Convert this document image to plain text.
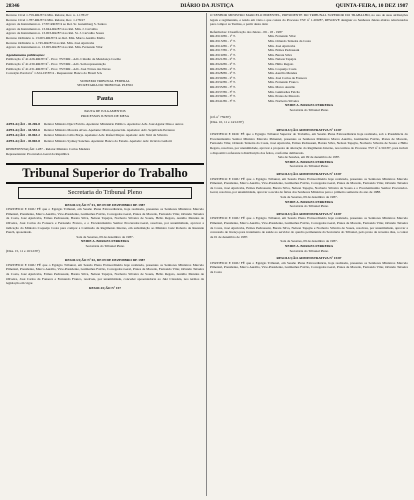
28346	DIÁRIO DA JUSTIÇA	QUINTA-FEIRA, 10 DEZ 1987
Recurso Cível 1.759-RR/87/4 Min. Relator, Rec. n. 1.178/27
Recurso Cível 1.787-RR/87/4 Min. Relator, Rec. 1.178/27
Agravo de Instrumento n. 17/87-RR/87/4 ao Rel. Sr. Gutemberg S. Santos
Agravo de Instrumento n. 13.944-RR/87/4 ao Rel. Min. J. Carvalho
Agravo de Instrumento n. 13.003-RR/87/4 ao Rel. Sr. J. Carvalho Souza
Recurso Ordinário n. 13.003-RR/87/4 ao Rel. Min. Marco Aurélio Mello
Recurso Ordinário n. 1.745-RR/87/4 ao Rel. Min. José Ajuricaba
Agravo de Instrumento n. 13.005-RR/87/4 ao Rel. Min. Fernando Vilar
Agendamento publicações:
Publicação nº 41.226-RR/87/4º - Proc. TST/RR - Adv. Cláudio de Mendonça Coelho
Publicação nº 41.230-RR/87/4º - Proc. TST/RR - Adv. Sem representação
Publicação nº 41.231-RR/87/4º - Proc. TST/RR - Adv. José Tôrres das Neves
Correição Parcial nº 1.324-CP/87/4 - Requerente: Banco do Brasil S/A
SUPREMO TRIBUNAL FEDERAL
SECRETARIA DO TRIBUNAL PLENO
Pauta
PAUTA DE JULGAMENTOS
PROCESSOS JUNTOS DE MESA
APELAÇÃO - 45.206-8	Relator Ministro Djaci Falcão. Apelante: Ministério Público. Apelados: Adv. José Aguiar Dias e outros
APELAÇÃO - 44.583-6	Relator Ministro Moreira Alves. Apelante: Maria Aparecida. Apelados: Adv. Sepúlveda Pertence
APELAÇÃO - 45.863-2	Relator Ministro Célio Borja. Apelante: Adv. Rafael Mayer. Apelado: Adv. Néri da Silveira
APELAÇÃO - 45.865-8	Relator Ministro Sydney Sanches. Apelante: Banco do Estado. Apelado: Adv. Octavio Gallotti
REPRESENTAÇÃO 1.287 - Relator Ministro Carlos Madeira
Representante: Procurador-Geral da República
Tribunal Superior do Trabalho
Secretaria do Tribunal Pleno
RESOLUÇÃO Nº 01, DE 09 DE DEZEMBRO DE 1987

CERTIFICO E DOU FÉ que o Egrégio Tribunal, em Sessão Plena Extraordinária, hoje realizada, presentes os Senhores Ministros Marcelo Pimentel, Presidente, Marco Aurélio, Vice-Presidente, Guimarães Falcão, Corregedor-Geral, Prates de Macedo, Fernando Vilar, Orlando Teixeira da Costa, José Ajuricaba, Ermes Pedrassani, Barata Silva, Nelson Tapajós, Norberto Silveira de Souza, Hélio Regato, Aurélio Mendes de Oliveira, José Carlos da Fonseca e Fernando Franco, e o Excelentíssimo Senhor Procurador-Geral, resolveu, por unanimidade, aprovar a indicação do Ministro Coqueijo Costa para compor a Comissão de Regimento Interno, em substituição ao Ministro Luiz Roberto de Rezende Puech, aposentado.

Sala de Sessões, 09 de dezembro de 1987.
NEIDE A. BORGES FERREIRA
Secretária do Tribunal Pleno
(Diss. 15, 11 e 10/12/87)
RESOLUÇÃO Nº 02, DE 09 DE DEZEMBRO DE 1987

CERTIFICO E DOU FÉ que o Egrégio Tribunal, em Sessão Plena Extraordinária hoje realizada, presentes os Senhores Ministros Marcelo Pimentel, Presidente, Marco Aurélio, Vice-Presidente, Guimarães Falcão, Corregedor-Geral, Prates de Macedo, Fernando Vilar, Orlando Teixeira da Costa, José Ajuricaba, Ermes Pedrassani, Barata Silva, Nelson Tapajós, Norberto Silveira de Souza, Hélio Regato, Aurélio Mendes de Oliveira, José Carlos da Fonseca e Fernando Franco, resolveu, por unanimidade, conceder aposentadoria ao Juiz Classista, nos termos da legislação em vigor.

RESOLUÇÃO Nº 157

O SENHOR MINISTRO MARCELO PIMENTEL, PRESIDENTE DO TRIBUNAL SUPERIOR DO TRABALHO, no uso de suas atribuições legais e regimentais, e tendo em vista o que consta do Processo TST nº 1.200/87, RESOLVE designar os Senhores Juízes abaixo relacionados para compor as Turmas, a partir desta data:

Referências: Classificação dos Juízes - 06 - 18 - 1987
RR-6510/86 - 1ª T.	Min. Fernando Vilar
RR-6513/86 - 1ª T.	Min. Orlando Teixeira da Costa
RR-6514/86 - 1ª T.	Min. José Ajuricaba
RR-6517/86 - 1ª T.	Min. Ermes Pedrassani
RR-6519/86 - 1ª T.	Min. Barata Silva
RR-6521/86 - 2ª T.	Min. Nelson Tapajós
RR-6524/86 - 2ª T.	Min. Hélio Regato
RR-6526/86 - 2ª T.	Min. Coqueijo Costa
RR-6528/86 - 2ª T.	Min. Aurélio Mendes
RR-6530/86 - 2ª T.	Min. José Carlos da Fonseca
RR-6532/86 - 3ª T.	Min. Fernando Franco
RR-6535/86 - 3ª T.	Min. Marco Aurélio
RR-6537/86 - 3ª T.	Min. Guimarães Falcão
RR-6539/86 - 3ª T.	Min. Prates de Macedo
RR-6541/86 - 3ª T.	Min. Norberto Silveira
NEIDE A. BORGES FERREIRA
Secretária do Tribunal Pleno
(Of. nº 759/87)
(Diss. 10, 11 e 14/12/87)
RESOLUÇÃO ADMINISTRATIVA Nº 12/87

CERTIFICO E DOU FÉ que o Egrégio Tribunal Superior do Trabalho, em Sessão Plena Extraordinária hoje realizada, sob a Presidência do Excelentíssimo Senhor Ministro Marcelo Pimentel, presentes os Senhores Ministros Marco Aurélio, Guimarães Falcão, Prates de Macedo, Fernando Vilar, Orlando Teixeira da Costa, José Ajuricaba, Ermes Pedrassani, Barata Silva, Nelson Tapajós, Norberto Silveira de Souza e Hélio Regato, resolveu, por unanimidade, aprovar a proposta de alteração do Regimento Interno, nos termos do Processo TST nº 2.310/87, para incluir o dispositivo referente à distribuição dos feitos, conforme deliberado.

Sala de Sessões, em 09 de dezembro de 1987.
NEIDE A. BORGES FERREIRA
Secretária do Tribunal Pleno
RESOLUÇÃO ADMINISTRATIVA Nº 13/87

CERTIFICO E DOU FÉ que o Egrégio Tribunal, em Sessão Plena Extraordinária hoje realizada, presentes os Senhores Ministros Marcelo Pimentel, Presidente, Marco Aurélio, Vice-Presidente, Guimarães Falcão, Corregedor-Geral, Prates de Macedo, Fernando Vilar, Orlando Teixeira da Costa, José Ajuricaba, Ermes Pedrassani, Barata Silva, Nelson Tapajós, Norberto Silveira de Souza e o Excelentíssimo Senhor Procurador-Geral, resolveu, por unanimidade, aprovar a escala de férias dos Senhores Ministros para o primeiro semestre do ano de 1988.

Sala de Sessões, 09 de dezembro de 1987.
NEIDE A. BORGES FERREIRA
Secretária do Tribunal Pleno
RESOLUÇÃO ADMINISTRATIVA Nº 14/87

CERTIFICO E DOU FÉ que o Egrégio Tribunal, em Sessão Plena Extraordinária hoje realizada, presentes os Senhores Ministros Marcelo Pimentel, Presidente, Marco Aurélio, Vice-Presidente, Guimarães Falcão, Corregedor-Geral, Prates de Macedo, Fernando Vilar, Orlando Teixeira da Costa, José Ajuricaba, Ermes Pedrassani, Barata Silva, Nelson Tapajós e Norberto Silveira de Souza, resolveu, por unanimidade, aprovar a concessão de licença para tratamento de saúde ao servidor do quadro permanente da Secretaria do Tribunal, pelo prazo de noventa dias, a contar de 01 de dezembro de 1987.

Sala de Sessões, 09 de dezembro de 1987.
NEIDE A. BORGES FERREIRA
Secretária do Tribunal Pleno
RESOLUÇÃO ADMINISTRATIVA Nº 15/87

CERTIFICO E DOU FÉ que o Egrégio Tribunal, em Sessão Plena Extraordinária, hoje realizada, presentes os Senhores Ministros Marcelo Pimentel, Presidente, Marco Aurélio, Vice-Presidente, Guimarães Falcão, Corregedor-Geral, Prates de Macedo, Fernando Vilar, Orlando Teixeira da Costa
